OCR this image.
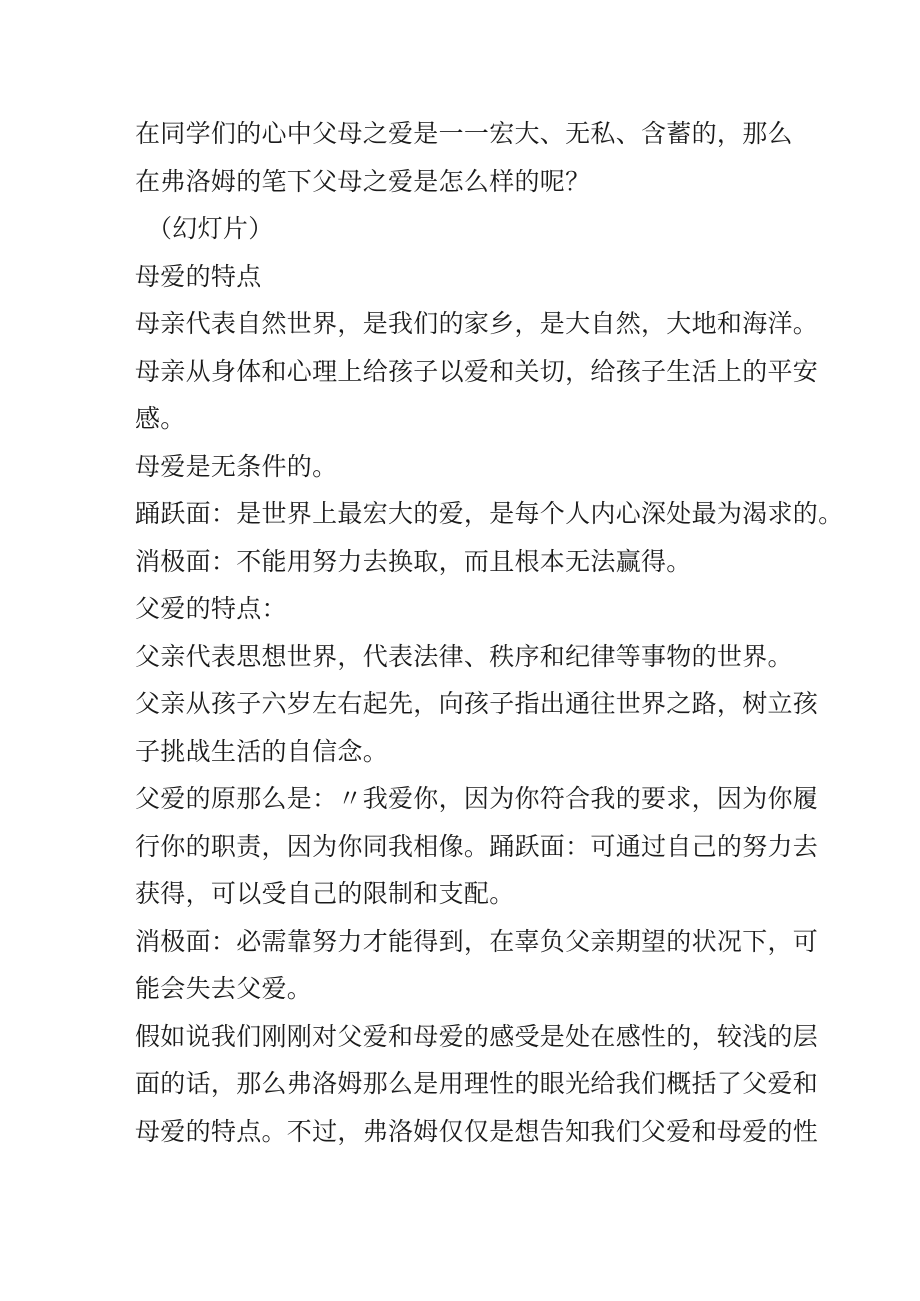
在同学们的心中父母之爱是一一宏大、无私、含蓄的，那么

在弗洛姆的笔下父母之爱是怎么样的呢？

（幻灯片）

母爱的特点

母亲代表自然世界，是我们的家乡，是大自然，大地和海洋。

母亲从身体和心理上给孩子以爱和关切，给孩子生活上的平安

感。

母爱是无条件的。

踊跃面：是世界上最宏大的爱，是每个人内心深处最为渴求的。

消极面：不能用努力去换取，而且根本无法赢得。

父爱的特点：

父亲代表思想世界，代表法律、秩序和纪律等事物的世界。

父亲从孩子六岁左右起先，向孩子指出通往世界之路，树立孩

子挑战生活的自信念。

父爱的原那么是：〃我爱你，因为你符合我的要求，因为你履

行你的职责，因为你同我相像。踊跃面：可通过自己的努力去

获得，可以受自己的限制和支配。

消极面：必需靠努力才能得到，在辜负父亲期望的状况下，可

能会失去父爱。

假如说我们刚刚对父爱和母爱的感受是处在感性的，较浅的层

面的话，那么弗洛姆那么是用理性的眼光给我们概括了父爱和

母爱的特点。不过，弗洛姆仅仅是想告知我们父爱和母爱的性
